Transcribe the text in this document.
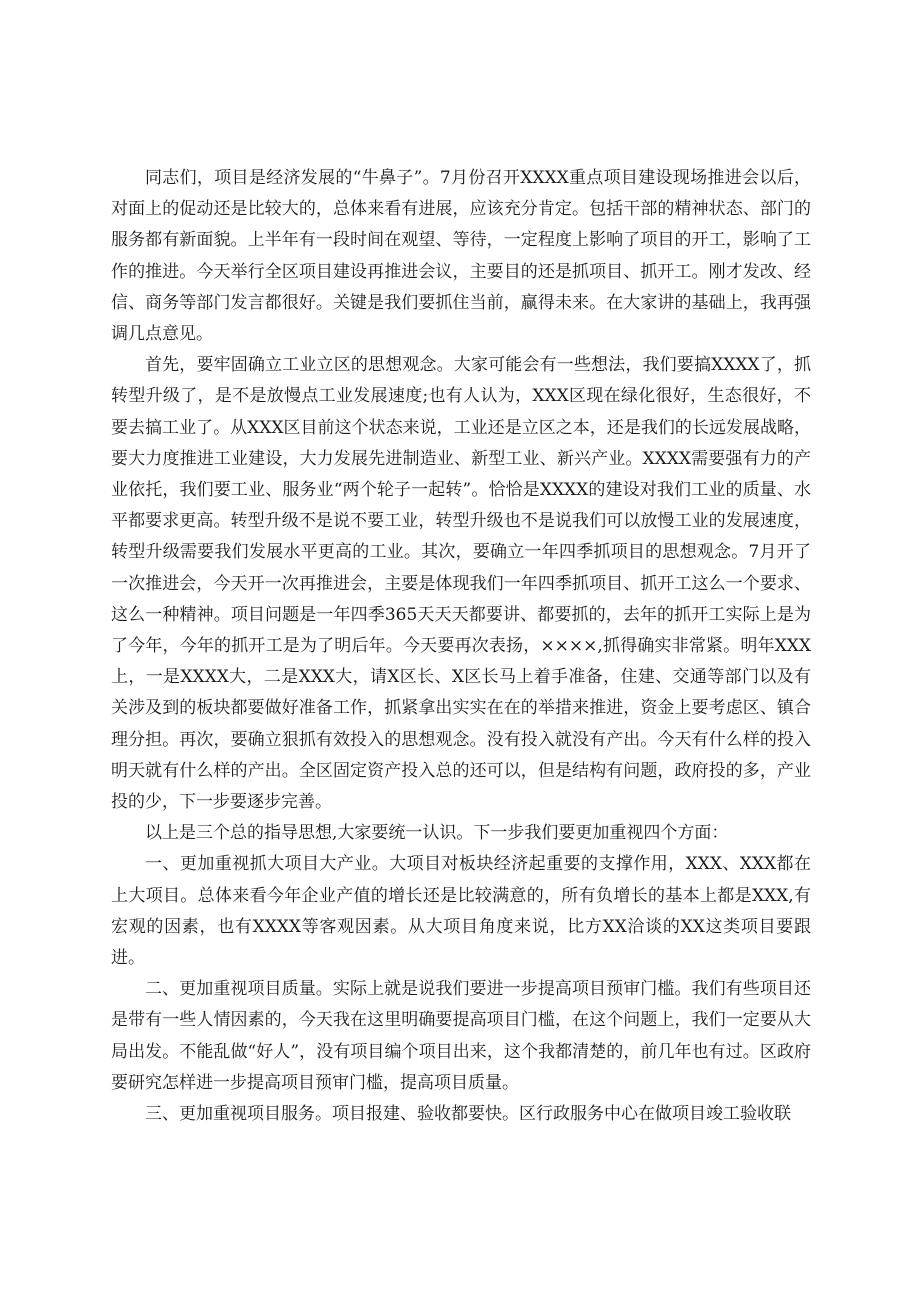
同志们，项目是经济发展的“牛鼻子”。7月份召开XXXX重点项目建设现场推进会以后，对面上的促动还是比较大的，总体来看有进展，应该充分肯定。包括干部的精神状态、部门的服务都有新面貌。上半年有一段时间在观望、等待，一定程度上影响了项目的开工，影响了工作的推进。今天举行全区项目建设再推进会议，主要目的还是抓项目、抓开工。刚才发改、经信、商务等部门发言都很好。关键是我们要抓住当前，赢得未来。在大家讲的基础上，我再强调几点意见。

首先，要牢固确立工业立区的思想观念。大家可能会有一些想法，我们要搞XXXX了，抓转型升级了，是不是放慢点工业发展速度;也有人认为，XXX区现在绿化很好，生态很好，不要去搞工业了。从XXX区目前这个状态来说，工业还是立区之本，还是我们的长远发展战略，要大力度推进工业建设，大力发展先进制造业、新型工业、新兴产业。XXXX需要强有力的产业依托，我们要工业、服务业“两个轮子一起转”。恰恰是XXXX的建设对我们工业的质量、水平都要求更高。转型升级不是说不要工业，转型升级也不是说我们可以放慢工业的发展速度，转型升级需要我们发展水平更高的工业。其次，要确立一年四季抓项目的思想观念。7月开了一次推进会，今天开一次再推进会，主要是体现我们一年四季抓项目、抓开工这么一个要求、这么一种精神。项目问题是一年四季365天天天都要讲、都要抓的，去年的抓开工实际上是为了今年，今年的抓开工是为了明后年。今天要再次表扬，××××,抓得确实非常紧。明年XXX上，一是XXXX大，二是XXX大，请X区长、X区长马上着手准备，住建、交通等部门以及有关涉及到的板块都要做好准备工作，抓紧拿出实实在在的举措来推进，资金上要考虑区、镇合理分担。再次，要确立狠抓有效投入的思想观念。没有投入就没有产出。今天有什么样的投入明天就有什么样的产出。全区固定资产投入总的还可以，但是结构有问题，政府投的多，产业投的少，下一步要逐步完善。

以上是三个总的指导思想,大家要统一认识。下一步我们要更加重视四个方面：

一、更加重视抓大项目大产业。大项目对板块经济起重要的支撑作用，XXX、XXX都在上大项目。总体来看今年企业产值的增长还是比较满意的，所有负增长的基本上都是XXX,有宏观的因素，也有XXXX等客观因素。从大项目角度来说，比方XX洽谈的XX这类项目要跟进。

二、更加重视项目质量。实际上就是说我们要进一步提高项目预审门槛。我们有些项目还是带有一些人情因素的，今天我在这里明确要提高项目门槛，在这个问题上，我们一定要从大局出发。不能乱做“好人”，没有项目编个项目出来，这个我都清楚的，前几年也有过。区政府要研究怎样进一步提高项目预审门槛，提高项目质量。

三、更加重视项目服务。项目报建、验收都要快。区行政服务中心在做项目竣工验收联
